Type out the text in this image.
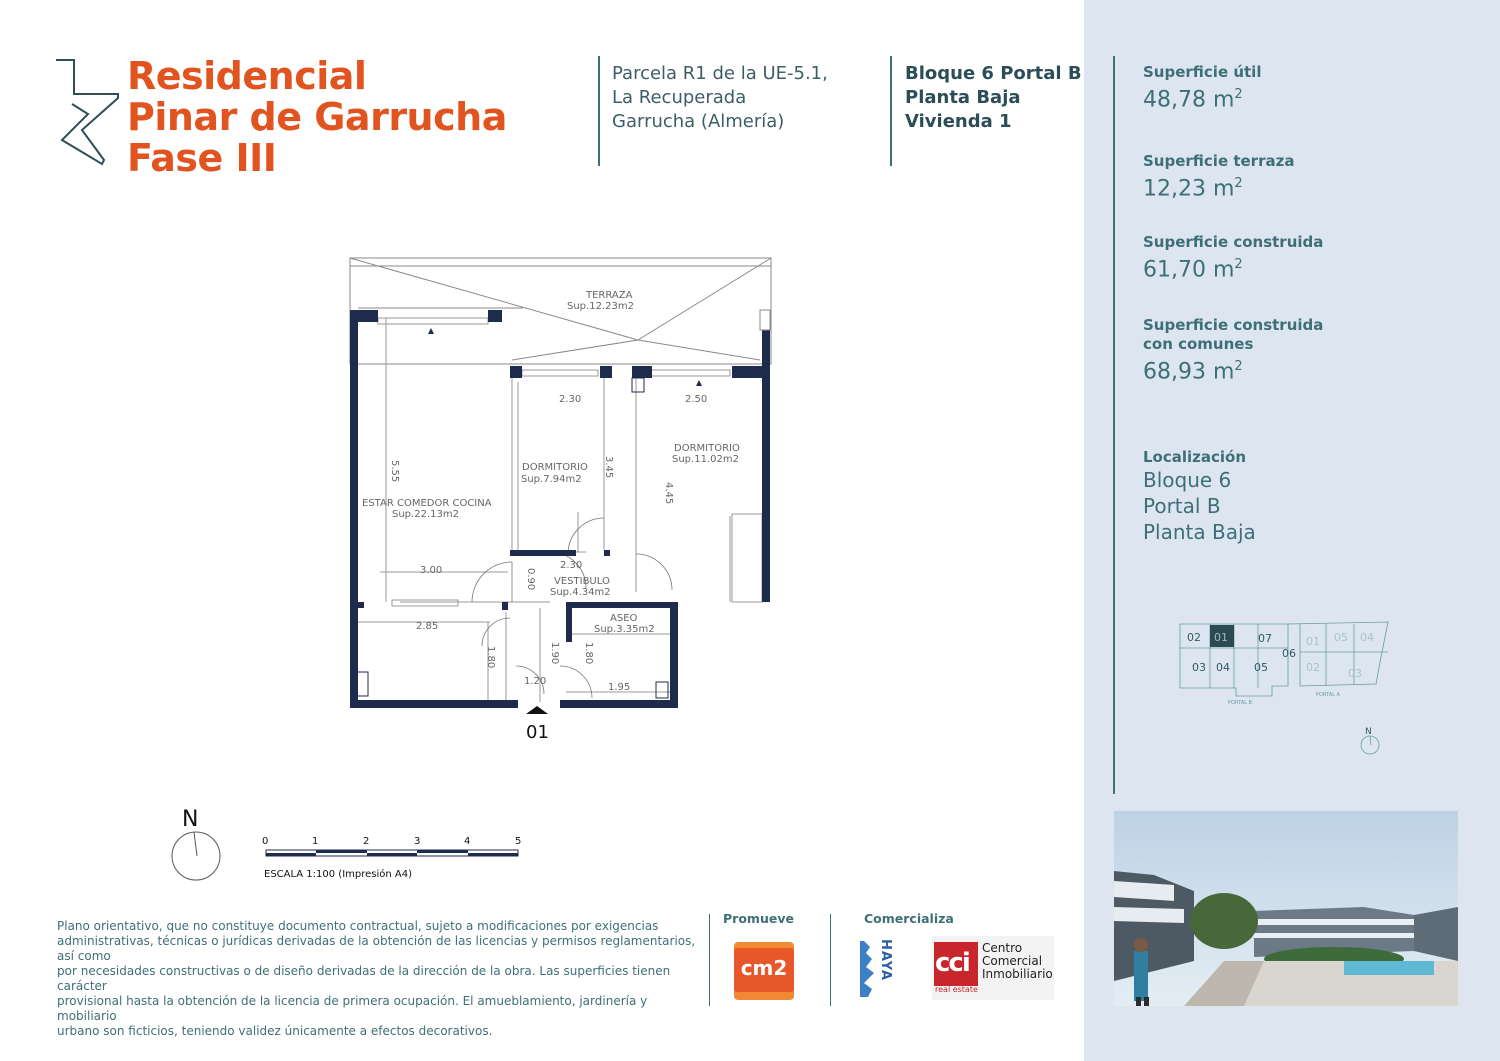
Residencial
Pinar de Garrucha
Fase III
Parcela R1 de la UE-5.1,
La Recuperada
Garrucha (Almería)
Bloque 6 Portal B
Planta Baja
Vivienda 1
Superficie útil
48,78 $m^2$
Superficie terraza
12,23 $m^2$
Superficie construida
61,70 $m^2$
Superficie construida
con comunes
68,93 $m^2$
Localización
Bloque 6
Portal B
Planta Baja
02 01	07
03 04 05
06
01 05 04
02	03
PORTAL B
PORTAL A
N
TERRAZA
Sup.12.23m2
DORMITORIO
Sup.7.94m2
DORMITORIO
Sup.11.02m2
ESTAR COMEDOR COCINA
Sup.22.13m2
VESTIBULO
Sup.4.34m2
ASEO
Sup.3.35m2
2.30	2.50
5.55	3.45
4.45
3.00	2.30
0.90
2.85
1.80	1.90 1.80
1.20
1.95
01
N
0	1	2	3	4	5
ESCALA 1:100 (Impresión A4)
Plano orientativo, que no constituye documento contractual, sujeto a modificaciones por exigencias
administrativas, técnicas o jurídicas derivadas de la obtención de las licencias y permisos reglamentarios, así como
por necesidades constructivas o de diseño derivadas de la dirección de la obra. Las superficies tienen carácter
provisional hasta la obtención de la licencia de primera ocupación. El amueblamiento, jardinería y mobiliario
urbano son ficticios, teniendo validez únicamente a efectos decorativos.
Promueve	Comercializa
cm2	HAYA cci
real estate
Centro
Comercial
Inmobiliario
